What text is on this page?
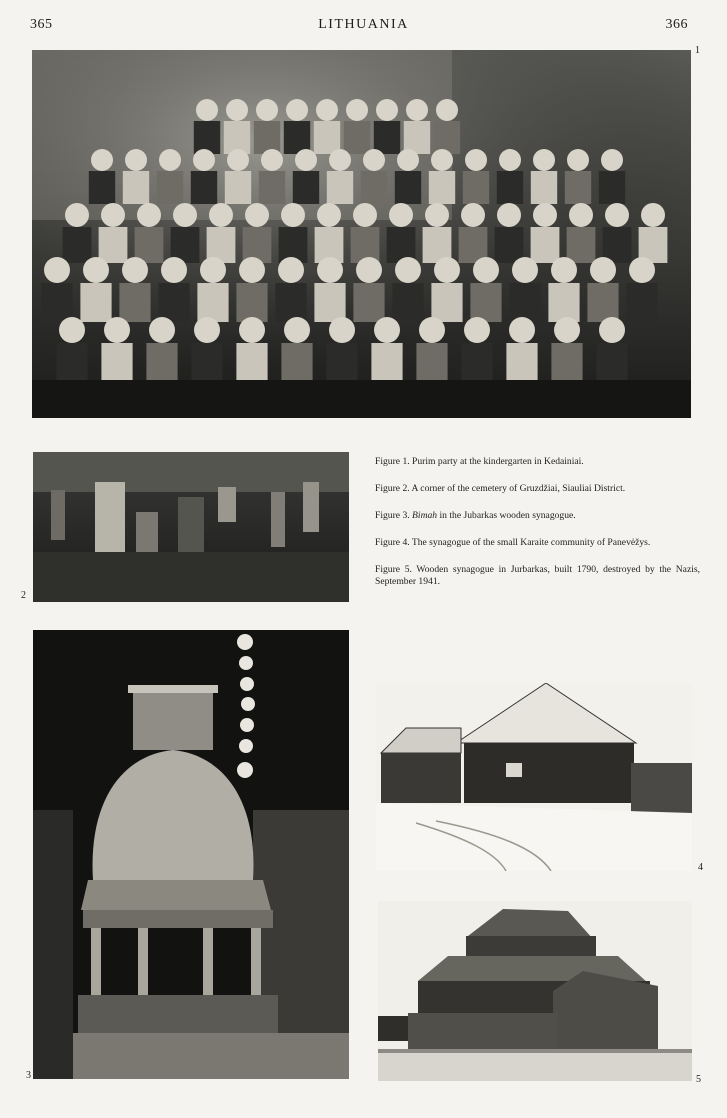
365	LITHUANIA	366
1
2

Figure 1. Purim party at the kindergarten in Kedainiai.

Figure 2. A corner of the cemetery of Gruzdžiai, Siauliai District.

Figure 3. Bimah in the Jubarkas wooden synagogue.

Figure 4. The synagogue of the small Karaite community of Panevėžys.

Figure 5. Wooden synagogue in Jurbarkas, built 1790, destroyed by the Nazis, September 1941.

3
4
5
